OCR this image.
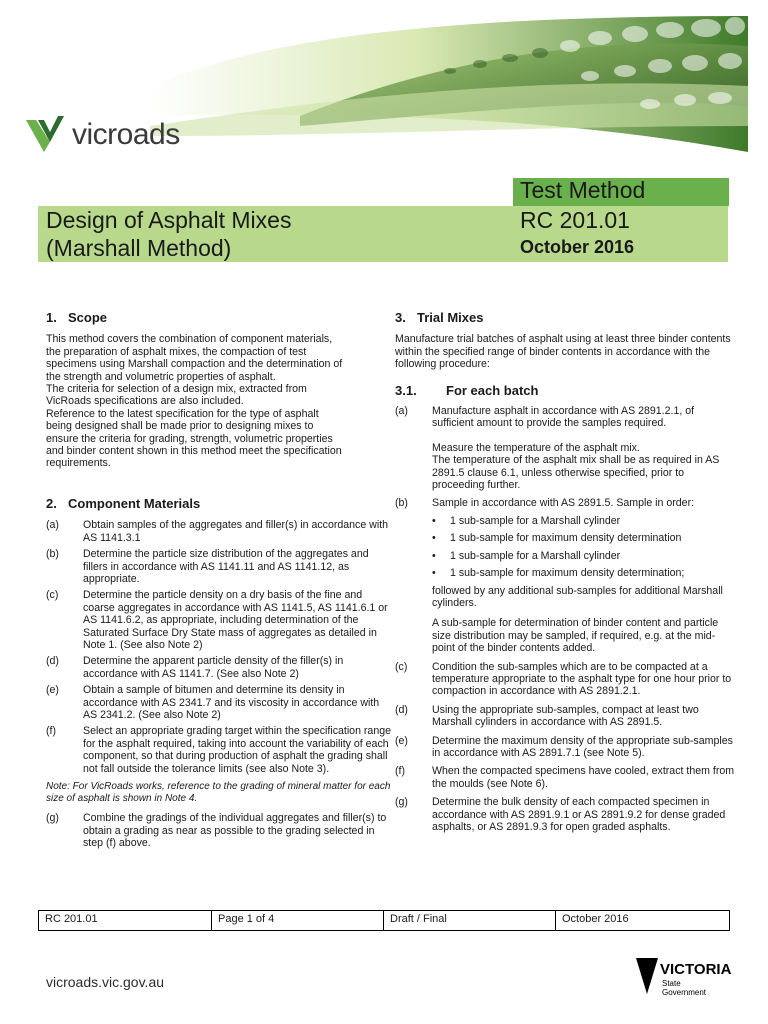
vicroads
Test Method
Design of Asphalt Mixes
(Marshall Method)
RC 201.01
October 2016
1. Scope
This method covers the combination of component materials,
the preparation of asphalt mixes, the compaction of test
specimens using Marshall compaction and the determination of
the strength and volumetric properties of asphalt.
The criteria for selection of a design mix, extracted from
VicRoads specifications are also included.
Reference to the latest specification for the type of asphalt
being designed shall be made prior to designing mixes to
ensure the criteria for grading, strength, volumetric properties
and binder content shown in this method meet the specification
requirements.
2. Component Materials
(a)	Obtain samples of the aggregates and filler(s) in accordance with AS 1141.3.1
(b)	Determine the particle size distribution of the aggregates and fillers in accordance with AS 1141.11 and AS 1141.12, as appropriate.
(c)	Determine the particle density on a dry basis of the fine and coarse aggregates in accordance with AS 1141.5, AS 1141.6.1 or AS 1141.6.2, as appropriate, including determination of the Saturated Surface Dry State mass of aggregates as detailed in Note 1. (See also Note 2)
(d)	Determine the apparent particle density of the filler(s) in accordance with AS 1141.7. (See also Note 2)
(e)	Obtain a sample of bitumen and determine its density in accordance with AS 2341.7 and its viscosity in accordance with AS 2341.2. (See also Note 2)
(f)	Select an appropriate grading target within the specification range for the asphalt required, taking into account the variability of each component, so that during production of asphalt the grading shall not fall outside the tolerance limits (see also Note 3).
Note: For VicRoads works, reference to the grading of mineral matter for each size of asphalt is shown in Note 4.
(g)	Combine the gradings of the individual aggregates and filler(s) to obtain a grading as near as possible to the grading selected in step (f) above.
3. Trial Mixes
Manufacture trial batches of asphalt using at least three binder contents within the specified range of binder contents in accordance with the following procedure:
3.1. For each batch
(a)	Manufacture asphalt in accordance with AS 2891.2.1, of sufficient amount to provide the samples required.
Measure the temperature of the asphalt mix.
The temperature of the asphalt mix shall be as required in AS 2891.5 clause 6.1, unless otherwise specified, prior to proceeding further.
(b)	Sample in accordance with AS 2891.5. Sample in order:
•	1 sub-sample for a Marshall cylinder
•	1 sub-sample for maximum density determination
•	1 sub-sample for a Marshall cylinder
•	1 sub-sample for maximum density determination;
followed by any additional sub-samples for additional Marshall cylinders.
A sub-sample for determination of binder content and particle size distribution may be sampled, if required, e.g. at the mid-point of the binder contents added.
(c)	Condition the sub-samples which are to be compacted at a temperature appropriate to the asphalt type for one hour prior to compaction in accordance with AS 2891.2.1.
(d)	Using the appropriate sub-samples, compact at least two Marshall cylinders in accordance with AS 2891.5.
(e)	Determine the maximum density of the appropriate sub-samples in accordance with AS 2891.7.1 (see Note 5).
(f)	When the compacted specimens have cooled, extract them from the moulds (see Note 6).
(g)	Determine the bulk density of each compacted specimen in accordance with AS 2891.9.1 or AS 2891.9.2 for dense graded asphalts, or AS 2891.9.3 for open graded asphalts.
RC 201.01	Page 1 of 4	Draft / Final	October 2016
vicroads.vic.gov.au
VICTORIA
State
Government
